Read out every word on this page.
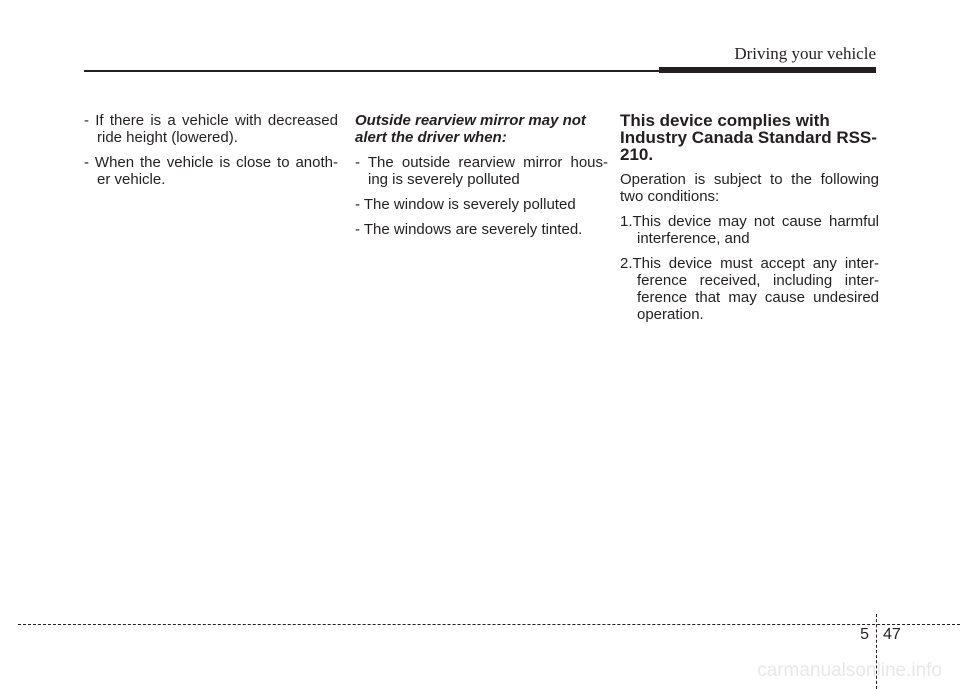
Driving your vehicle

- If there is a vehicle with decreased ride height (lowered).

- When the vehicle is close to anoth-er vehicle.

Outside rearview mirror may not alert the driver when:

- The outside rearview mirror hous-ing is severely polluted

- The window is severely polluted

- The windows are severely tinted.

This device complies with Industry Canada Standard RSS-210.

Operation is subject to the following two conditions:

1.This device may not cause harmful interference, and

2.This device must accept any inter-ference received, including inter-ference that may cause undesired operation.

5 47
carmanualsonline.info
